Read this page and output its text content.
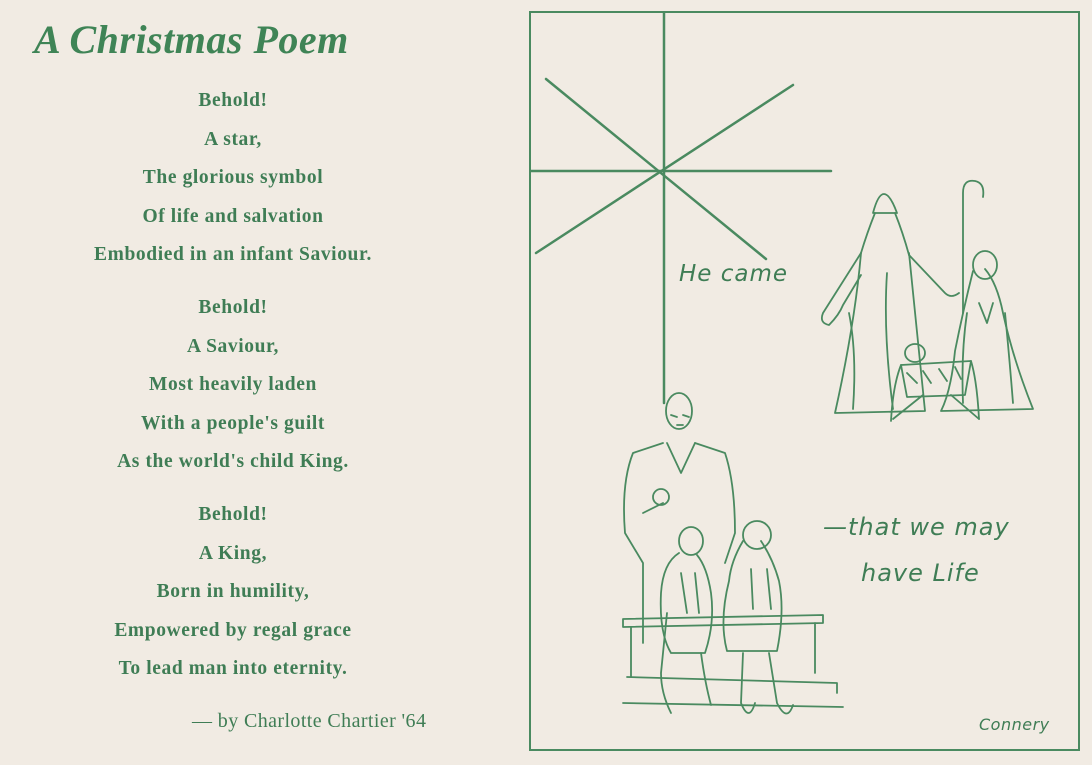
A Christmas Poem
Behold!
A star,
The glorious symbol
Of life and salvation
Embodied in an infant Saviour.
Behold!
A Saviour,
Most heavily laden
With a people's guilt
As the world's child King.
Behold!
A King,
Born in humility,
Empowered by regal grace
To lead man into eternity.
— by Charlotte Chartier '64
He came
—that we may
have Life
Connery
